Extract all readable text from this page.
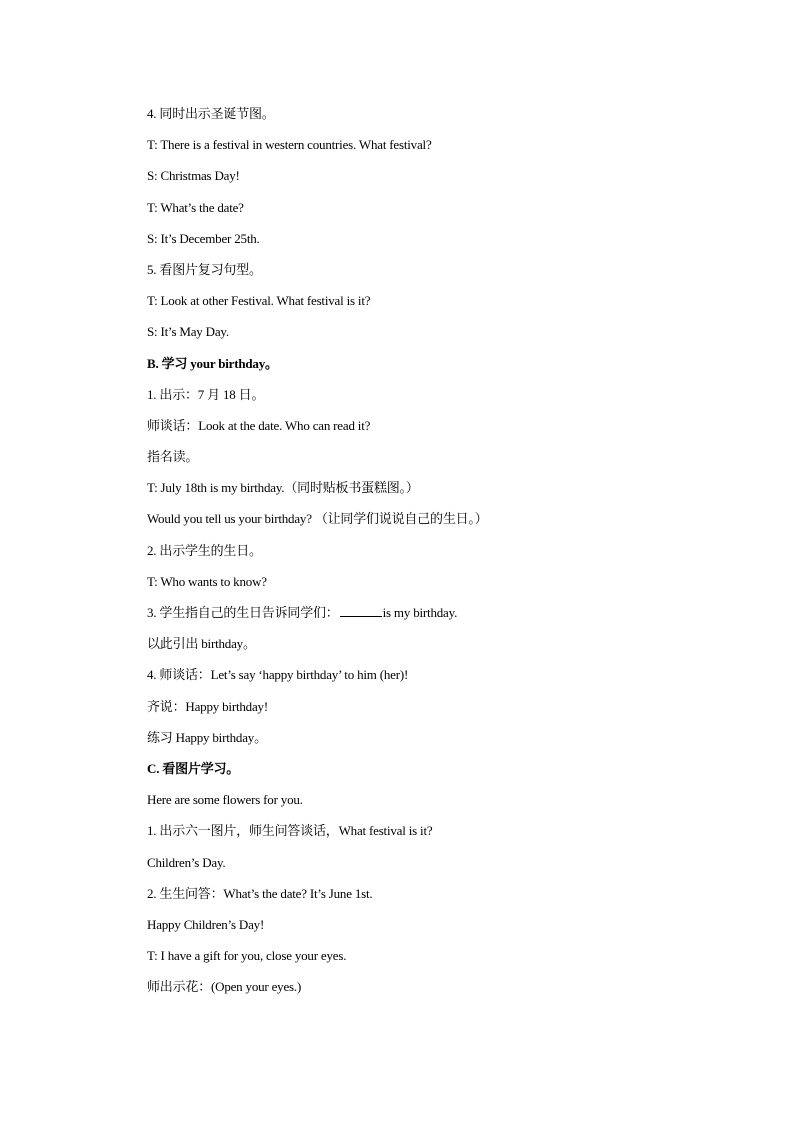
4. 同时出示圣诞节图。
T: There is a festival in western countries. What festival?
S: Christmas Day!
T: What’s the date?
S: It’s December 25th.
5. 看图片复习句型。
T: Look at other Festival. What festival is it?
S: It’s May Day.
B. 学习 your birthday。
1. 出示：7 月 18 日。
师谈话：Look at the date. Who can read it?
指名读。
T: July 18th is my birthday.（同时贴板书蛋糕图。）
Would you tell us your birthday? （让同学们说说自己的生日。）
2. 出示学生的生日。
T: Who wants to know?
3. 学生指自己的生日告诉同学们：	is my birthday.
以此引出 birthday。
4. 师谈话：Let’s say ‘happy birthday’ to him (her)!
齐说：Happy birthday!
练习 Happy birthday。
C. 看图片学习。
Here are some flowers for you.
1. 出示六一图片，师生问答谈话，What festival is it?
Children’s Day.
2. 生生问答：What’s the date? It’s June 1st.
Happy Children’s Day!
T: I have a gift for you, close your eyes.
师出示花：(Open your eyes.)
